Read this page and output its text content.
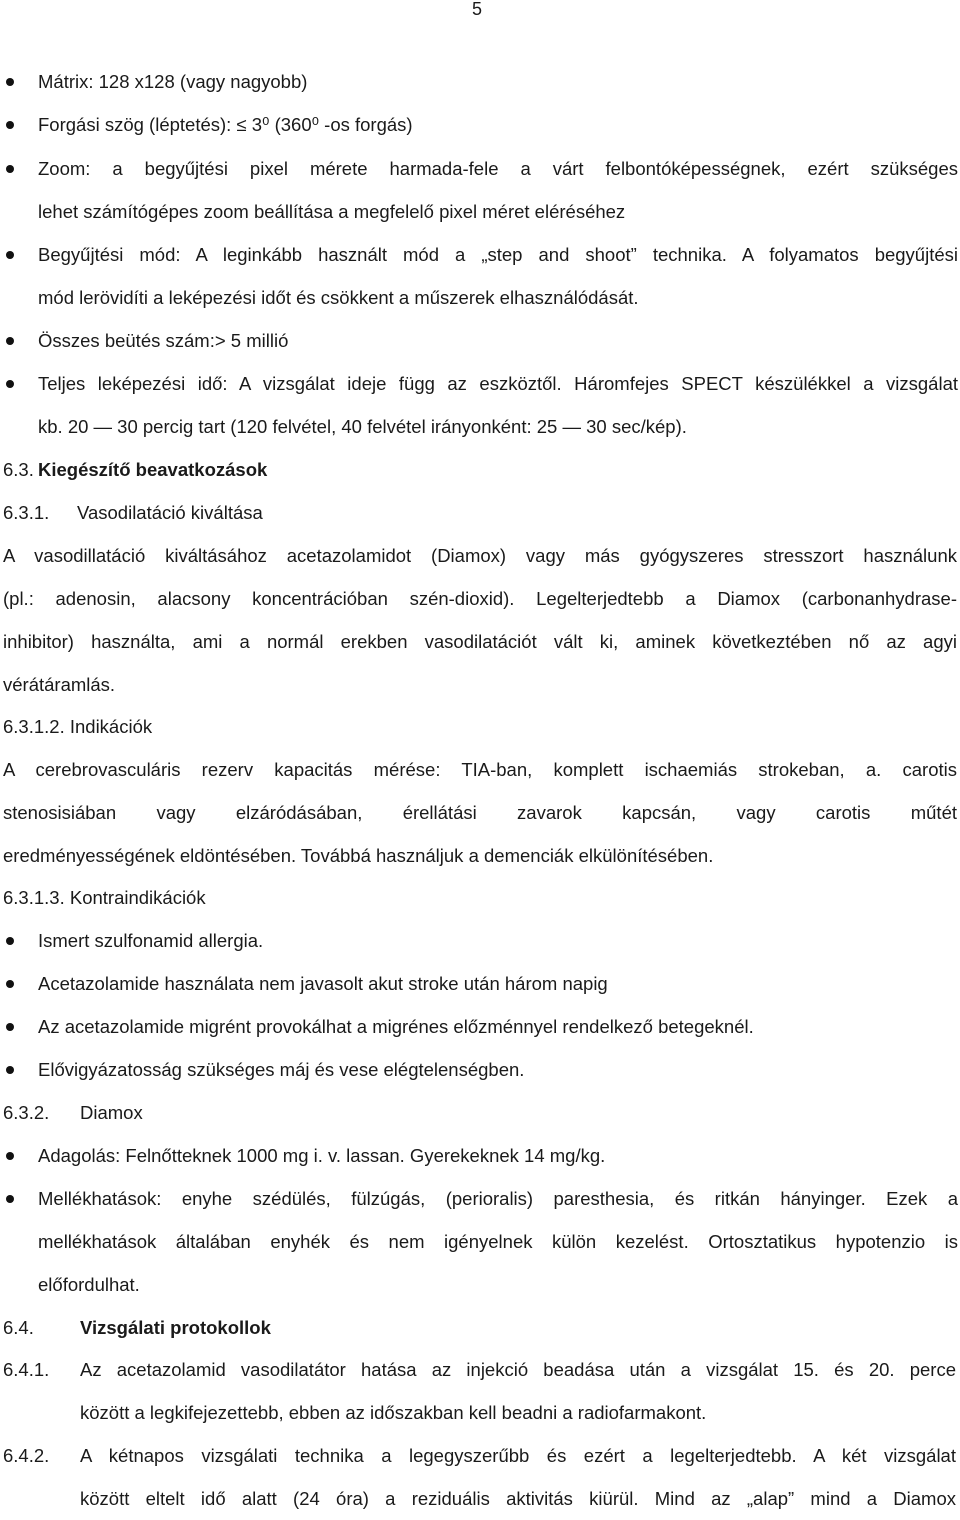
5
Mátrix: 128 x128 (vagy nagyobb)
Forgási szög (léptetés): ≤ 3⁰ (360⁰ -os forgás)
Zoom: a begyűjtési pixel mérete harmada-fele a várt felbontóképességnek, ezért szükséges
lehet számítógépes zoom beállítása a megfelelő pixel méret eléréséhez
Begyűjtési mód: A leginkább használt mód a „step and shoot” technika. A folyamatos begyűjtési
mód lerövidíti a leképezési időt és csökkent a műszerek elhasználódását.
Összes beütés szám:> 5 millió
Teljes leképezési idő: A vizsgálat ideje függ az eszköztől. Háromfejes SPECT készülékkel a vizsgálat
kb. 20 — 30 percig tart (120 felvétel, 40 felvétel irányonként: 25 — 30 sec/kép).
6.3. Kiegészítő beavatkozások
6.3.1. Vasodilatáció kiváltása
A vasodillatáció kiváltásához acetazolamidot (Diamox) vagy más gyógyszeres stresszort használunk
(pl.: adenosin, alacsony koncentrációban szén-dioxid). Legelterjedtebb a Diamox (carbonanhydrase-
inhibitor) használta, ami a normál erekben vasodilatációt vált ki, aminek következtében nő az agyi
vérátáramlás.
6.3.1.2. Indikációk
A cerebrovasculáris rezerv kapacitás mérése: TIA-ban, komplett ischaemiás strokeban, a. carotis
stenosisiában vagy elzáródásában, érellátási zavarok kapcsán, vagy carotis műtét
eredményességének eldöntésében. Továbbá használjuk a demenciák elkülönítésében.
6.3.1.3. Kontraindikációk
Ismert szulfonamid allergia.
Acetazolamide használata nem javasolt akut stroke után három napig
Az acetazolamide migrént provokálhat a migrénes előzménnyel rendelkező betegeknél.
Elővigyázatosság szükséges máj és vese elégtelenségben.
6.3.2. Diamox
Adagolás: Felnőtteknek 1000 mg i. v. lassan. Gyerekeknek 14 mg/kg.
Mellékhatások: enyhe szédülés, fülzúgás, (perioralis) paresthesia, és ritkán hányinger. Ezek a
mellékhatások általában enyhék és nem igényelnek külön kezelést. Ortosztatikus hypotenzio is
előfordulhat.
6.4. Vizsgálati protokollok
6.4.1. Az acetazolamid vasodilatátor hatása az injekció beadása után a vizsgálat 15. és 20. perce
között a legkifejezettebb, ebben az időszakban kell beadni a radiofarmakont.
6.4.2. A kétnapos vizsgálati technika a legegyszerűbb és ezért a legelterjedtebb. A két vizsgálat
között eltelt idő alatt (24 óra) a reziduális aktivitás kiürül. Mind az „alap” mind a Diamox
